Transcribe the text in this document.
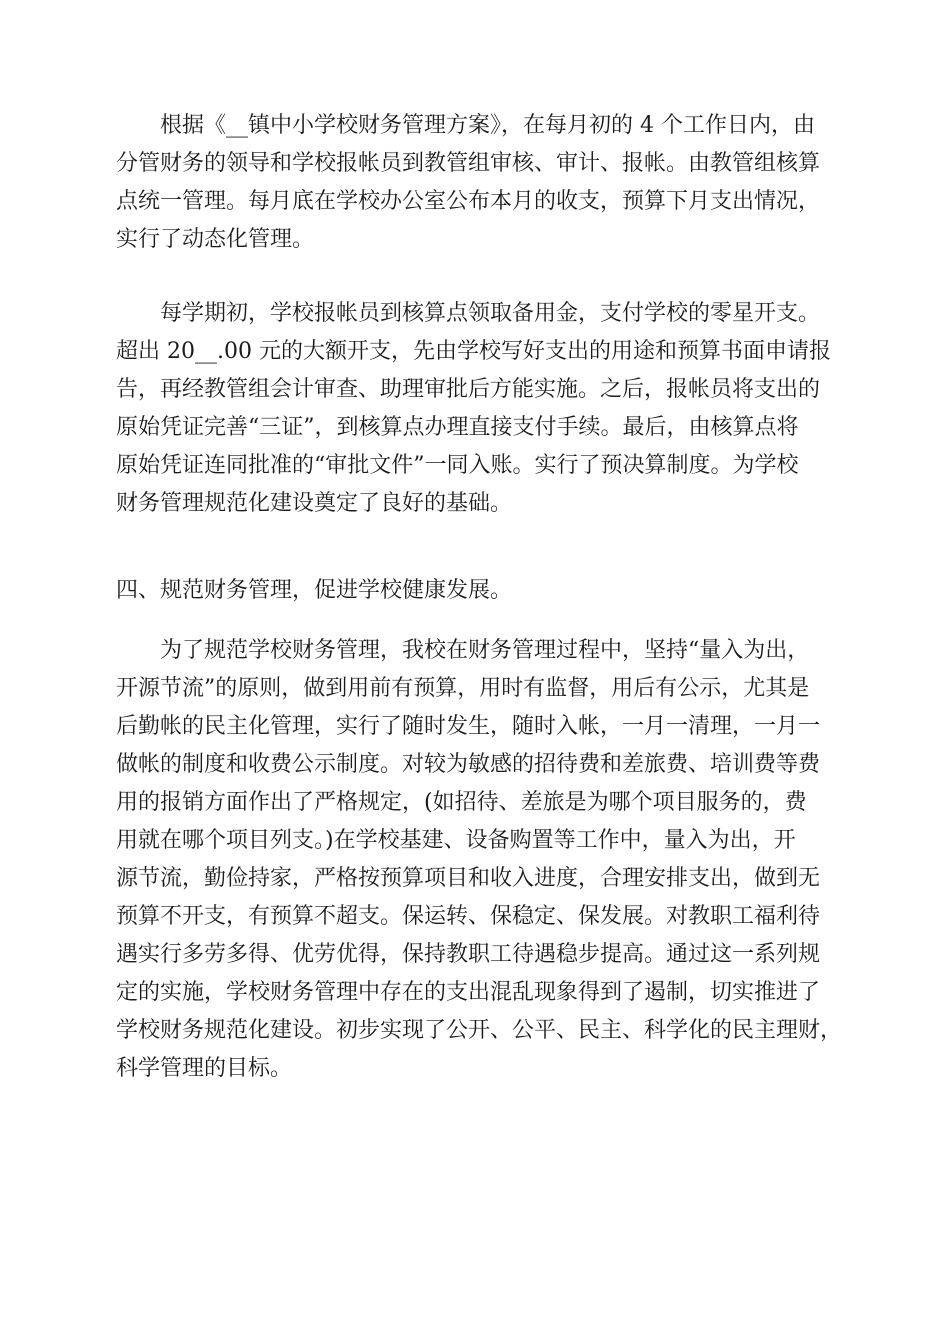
根据《__镇中小学校财务管理方案》，在每月初的 4 个工作日内，由
分管财务的领导和学校报帐员到教管组审核、审计、报帐。由教管组核算
点统一管理。每月底在学校办公室公布本月的收支，预算下月支出情况，
实行了动态化管理。
每学期初，学校报帐员到核算点领取备用金，支付学校的零星开支。
超出 20__.00 元的大额开支，先由学校写好支出的用途和预算书面申请报
告，再经教管组会计审查、助理审批后方能实施。之后，报帐员将支出的
原始凭证完善“三证”，到核算点办理直接支付手续。最后，由核算点将
原始凭证连同批准的“审批文件”一同入账。实行了预决算制度。为学校
财务管理规范化建设奠定了良好的基础。
四、规范财务管理，促进学校健康发展。
为了规范学校财务管理，我校在财务管理过程中，坚持“量入为出，
开源节流”的原则，做到用前有预算，用时有监督，用后有公示，尤其是
后勤帐的民主化管理，实行了随时发生，随时入帐，一月一清理，一月一
做帐的制度和收费公示制度。对较为敏感的招待费和差旅费、培训费等费
用的报销方面作出了严格规定，(如招待、差旅是为哪个项目服务的，费
用就在哪个项目列支。)在学校基建、设备购置等工作中，量入为出，开
源节流，勤俭持家，严格按预算项目和收入进度，合理安排支出，做到无
预算不开支，有预算不超支。保运转、保稳定、保发展。对教职工福利待
遇实行多劳多得、优劳优得，保持教职工待遇稳步提高。通过这一系列规
定的实施，学校财务管理中存在的支出混乱现象得到了遏制，切实推进了
学校财务规范化建设。初步实现了公开、公平、民主、科学化的民主理财，
科学管理的目标。
